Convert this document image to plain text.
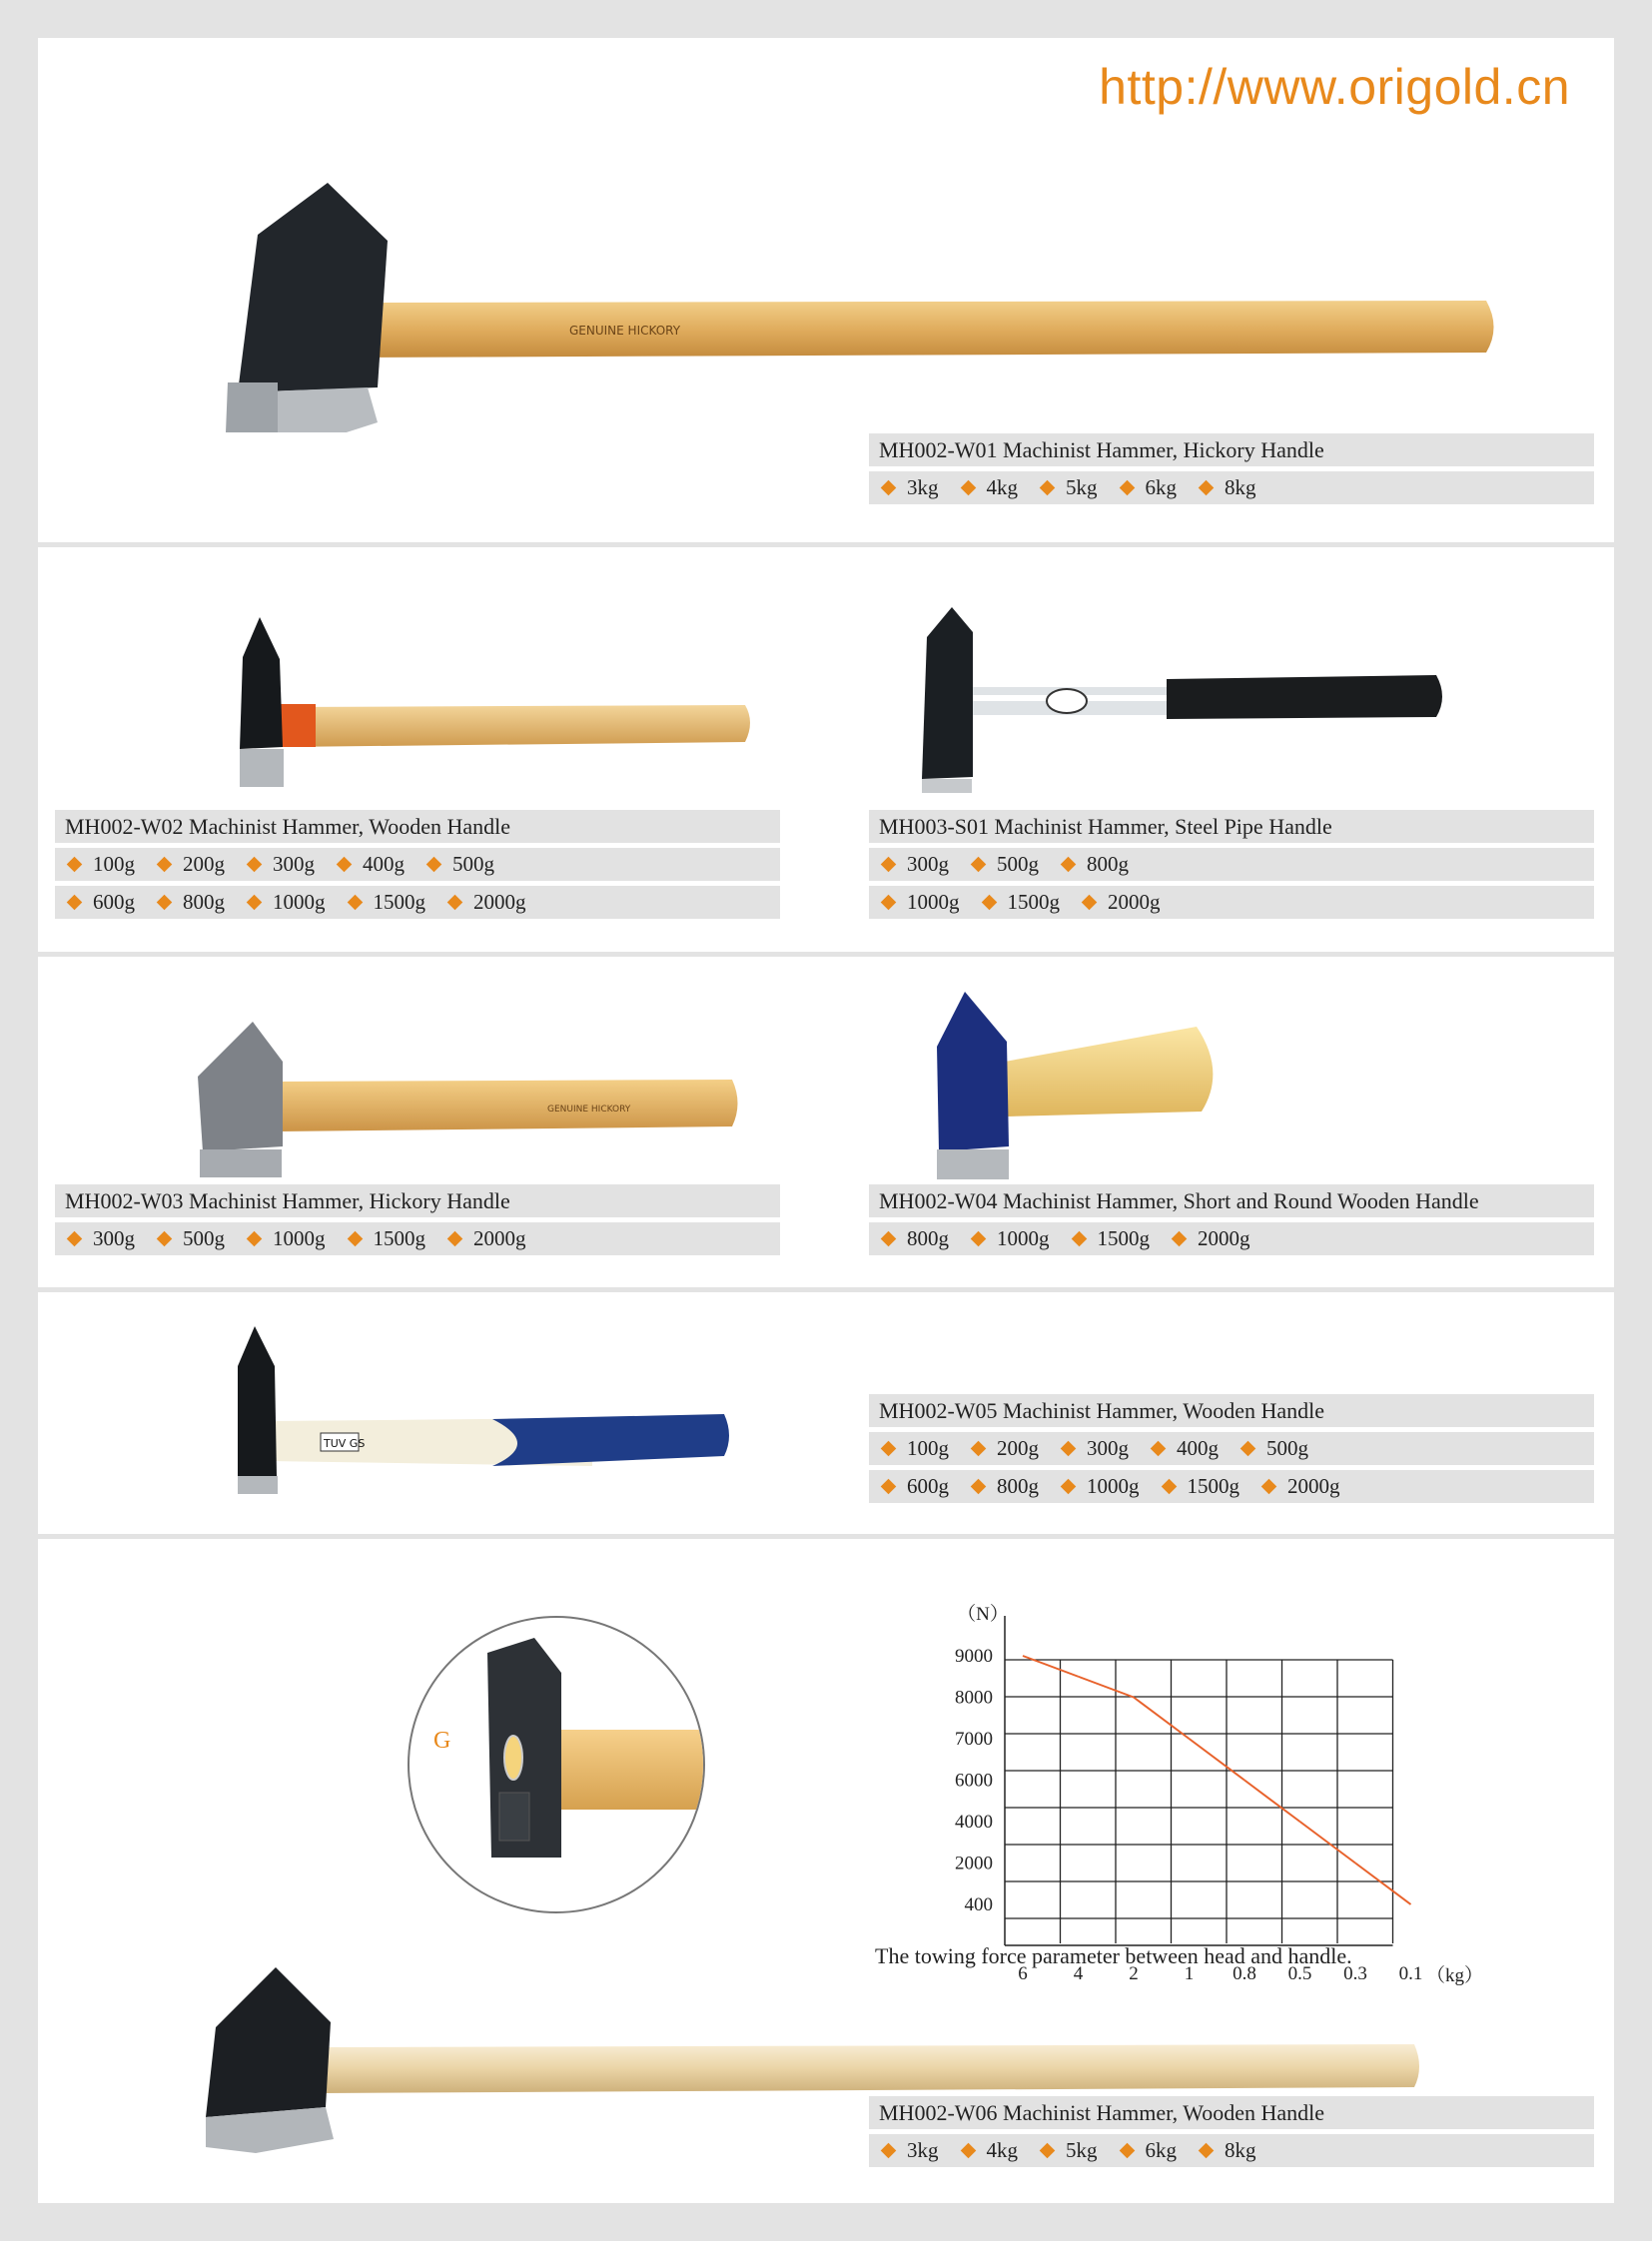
http://www.origold.cn
GENUINE HICKORY
MH002-W01 Machinist Hammer, Hickory Handle
3kg 4kg 5kg 6kg 8kg
MH002-W02 Machinist Hammer, Wooden Handle
100g 200g 300g 400g 500g
600g 800g 1000g 1500g 2000g
MH003-S01 Machinist Hammer, Steel Pipe Handle
300g 500g 800g
1000g 1500g 2000g
GENUINE HICKORY
MH002-W03 Machinist Hammer, Hickory Handle
300g 500g 1000g 1500g 2000g
MH002-W04 Machinist Hammer, Short and Round Wooden Handle
800g 1000g 1500g 2000g
TUV GS
MH002-W05 Machinist Hammer, Wooden Handle
100g 200g 300g 400g 500g
600g 800g 1000g 1500g 2000g
G
9000
8000
7000
6000
4000
2000
400
（N）
6 4 2 1 0.8 0.5 0.3 0.1 （kg）
The towing force parameter between head and handle.
MH002-W06 Machinist Hammer, Wooden Handle
3kg 4kg 5kg 6kg 8kg
